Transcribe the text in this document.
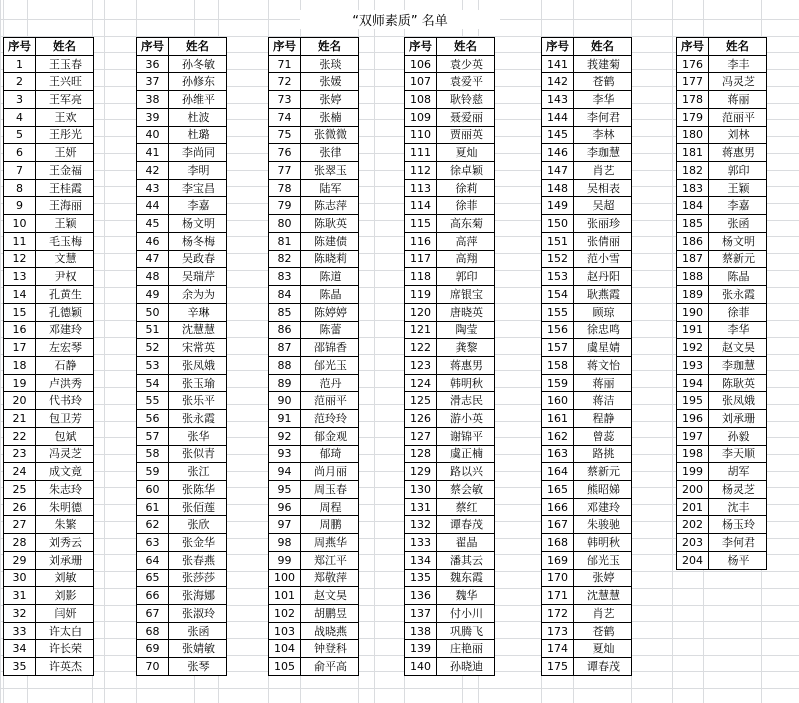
“双师素质” 名单
序号	姓名
1	王玉春
2	王兴旺
3	王军亮
4	王欢
5	王彤光
6	王妍
7	王金福
8	王桂霞
9	王海丽
10	王颖
11	毛玉梅
12	文慧
13	尹权
14	孔黄生
15	孔德颖
16	邓建玲
17	左宏琴
18	石静
19	卢洪秀
20	代书玲
21	包卫芳
22	包斌
23	冯灵芝
24	成文竟
25	朱志玲
26	朱明德
27	朱繁
28	刘秀云
29	刘承珊
30	刘敏
31	刘影
32	闫妍
33	许太白
34	许长荣
35	许英杰
序号	姓名
36	孙冬敏
37	孙修东
38	孙维平
39	杜波
40	杜璐
41	李尚同
42	李明
43	李宝昌
44	李嘉
45	杨文明
46	杨冬梅
47	吴政春
48	吴瑞芹
49	余为为
50	辛琳
51	沈慧慧
52	宋常英
53	张凤娥
54	张玉瑜
55	张乐平
56	张永霞
57	张华
58	张似青
59	张江
60	张陈华
61	张佰莲
62	张欣
63	张金华
64	张春燕
65	张莎莎
66	张海娜
67	张淑玲
68	张函
69	张婧敏
70	张琴
序号	姓名
71	张琰
72	张媛
73	张婷
74	张楠
75	张微微
76	张律
77	张翠玉
78	陆军
79	陈志萍
80	陈耿英
81	陈建债
82	陈晓莉
83	陈道
84	陈晶
85	陈婷婷
86	陈蕾
87	邵锦香
88	邰光玉
89	范丹
90	范丽平
91	范玲玲
92	郁金观
93	郁琦
94	尚月丽
95	周玉春
96	周程
97	周鹏
98	周燕华
99	郑江平
100	郑敬萍
101	赵文昊
102	胡鹏昱
103	战晓燕
104	钟登科
105	俞平高
序号	姓名
106	袁少英
107	袁爱平
108	耿铃慈
109	聂爱丽
110	贾丽英
111	夏灿
112	徐卓颖
113	徐莉
114	徐菲
115	高东菊
116	高萍
117	高翔
118	郭印
119	席银宝
120	唐晓英
121	陶莹
122	龚黎
123	蒋惠男
124	韩明秋
125	滑志民
126	游小英
127	谢锦平
128	虞正楠
129	路以兴
130	蔡会敏
131	蔡红
132	谭春茂
133	翟晶
134	潘其云
135	魏东霞
136	魏华
137	付小川
138	巩腾飞
139	庄艳丽
140	孙晓迪
序号	姓名
141	莪建菊
142	苍鹤
143	李华
144	李何君
145	李林
146	李珈慧
147	肖艺
148	吴相表
149	吴超
150	张丽珍
151	张倩丽
152	范小雪
153	赵丹阳
154	耿燕霞
155	顾琼
156	徐忠鸣
157	虞星婧
158	蒋文怡
159	蒋丽
160	蒋洁
161	程静
162	曾蕊
163	路挑
164	蔡新元
165	熊昭娣
166	邓建玲
167	朱骏驰
168	韩明秋
169	邰光玉
170	张婷
171	沈慧慧
172	肖艺
173	苍鹤
174	夏灿
175	谭春茂
序号	姓名
176	李丰
177	冯灵芝
178	蒋丽
179	范丽平
180	刘林
181	蒋惠男
182	郭印
183	王颖
184	李嘉
185	张函
186	杨文明
187	蔡新元
188	陈晶
189	张永霞
190	徐菲
191	李华
192	赵文昊
193	李珈慧
194	陈耿英
195	张凤娥
196	刘承珊
197	孙毅
198	李天顺
199	胡军
200	杨灵芝
201	沈丰
202	杨玉玲
203	李何君
204	杨平
